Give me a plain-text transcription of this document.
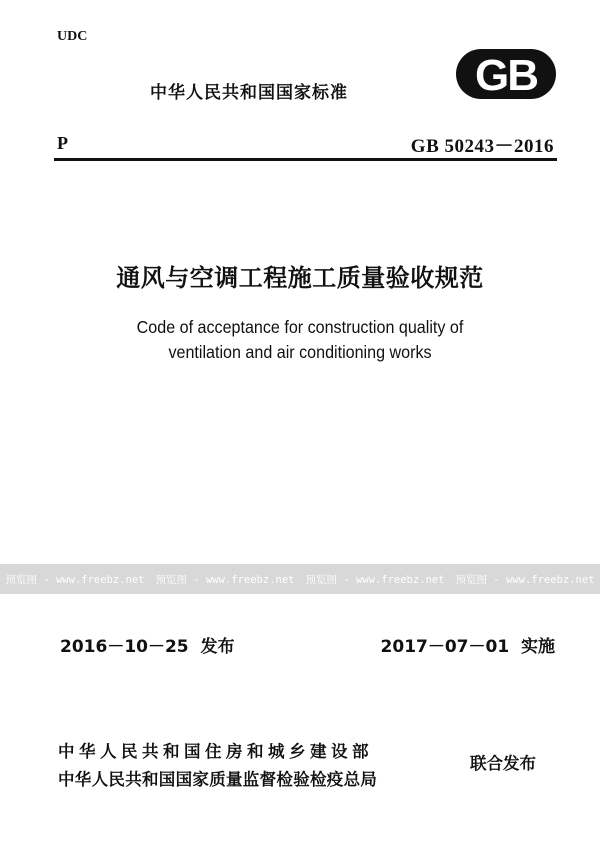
UDC
中华人民共和国国家标准	GB
P	GB 50243－2016
通风与空调工程施工质量验收规范
Code of acceptance for construction quality of
ventilation and air conditioning works
预览图 - www.freebz.net 预览图 - www.freebz.net 预览图 - www.freebz.net 预览图 - www.freebz.net
2016－10－25  发布	2017－07－01  实施
中华人民共和国住房和城乡建设部
中华人民共和国国家质量监督检验检疫总局
联合发布
